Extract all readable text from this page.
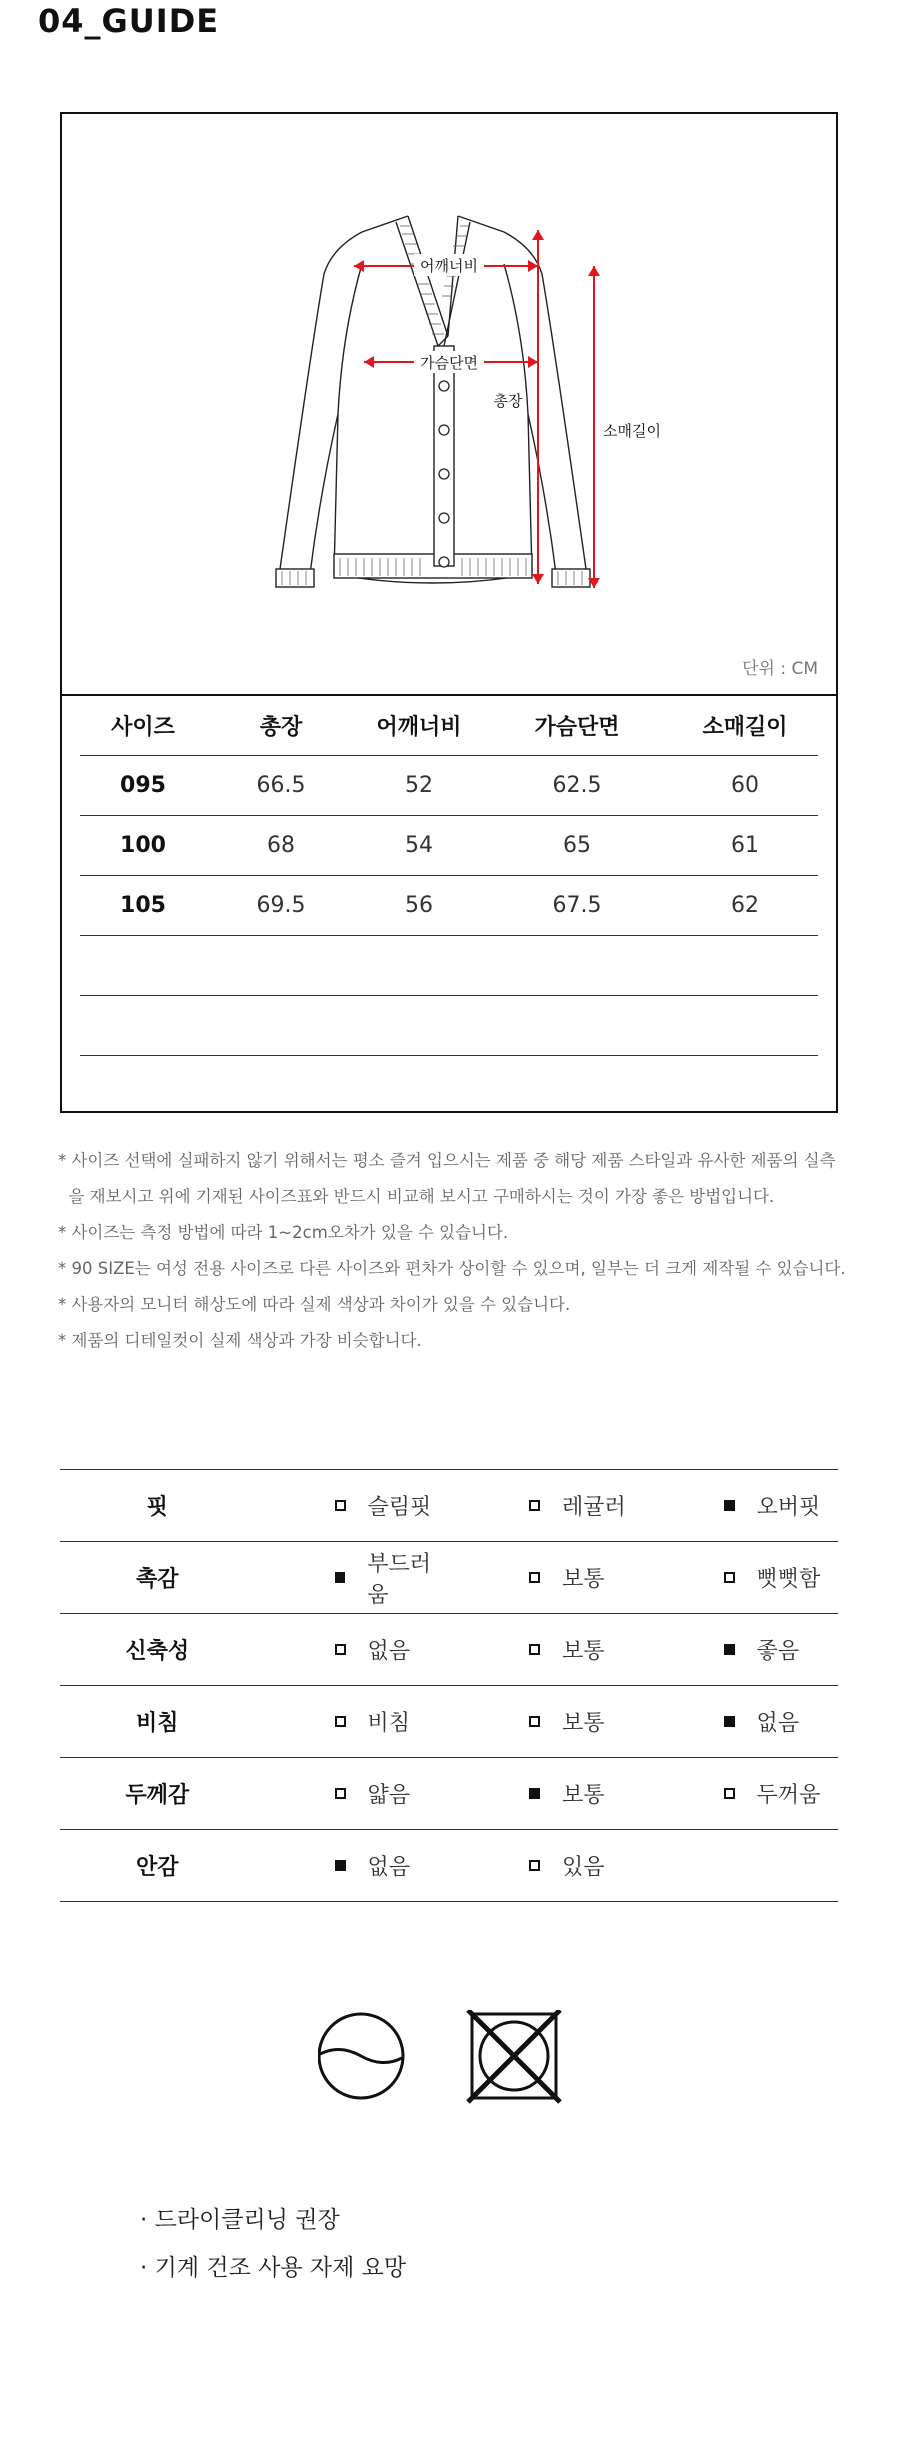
04_GUIDE
어깨너비
가슴단면
총장
소매길이
단위 : CM
사이즈	총장	어깨너비	가슴단면	소매길이
095	66.5	52	62.5	60
100	68	54	65	61
105	69.5	56	67.5	62

* 사이즈 선택에 실패하지 않기 위해서는 평소 즐겨 입으시는 제품 중 해당 제품 스타일과 유사한 제품의 실측
을 재보시고 위에 기재된 사이즈표와 반드시 비교해 보시고 구매하시는 것이 가장 좋은 방법입니다.
* 사이즈는 측정 방법에 따라 1~2cm오차가 있을 수 있습니다.
* 90 SIZE는 여성 전용 사이즈로 다른 사이즈와 편차가 상이할 수 있으며, 일부는 더 크게 제작될 수 있습니다.
* 사용자의 모니터 해상도에 따라 실제 색상과 차이가 있을 수 있습니다.
* 제품의 디테일컷이 실제 색상과 가장 비슷합니다.
핏	슬림핏	레귤러	오버핏

촉감	부드러움	보통	뻣뻣함

신축성	없음	보통	좋음

비침	비침	보통	없음

두께감	얇음	보통	두꺼움

안감	없음	있음	

· 드라이클리닝 권장
· 기계 건조 사용 자제 요망
